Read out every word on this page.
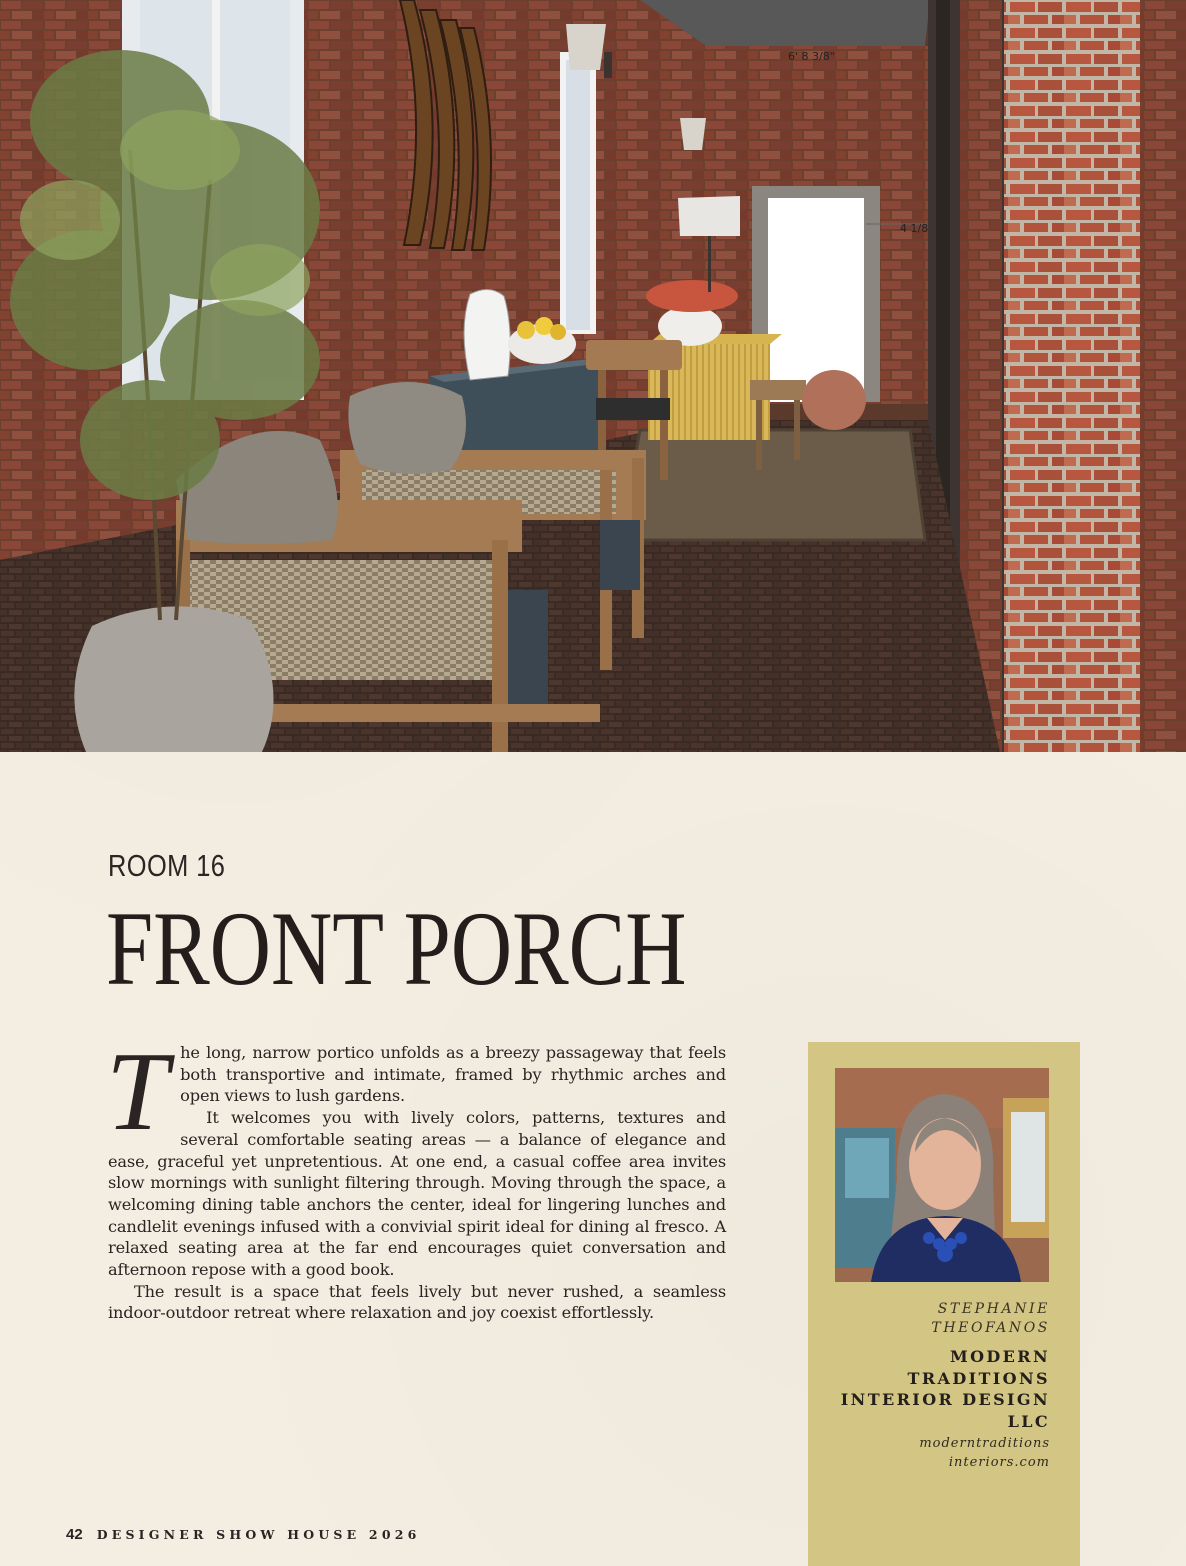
6' 8 3/8"
4 1/8
ROOM 16
FRONT PORCH

The long, narrow portico unfolds as a breezy passageway that feels both transportive and intimate, framed by rhythmic arches and open views to lush gardens.

It welcomes you with lively colors, patterns, textures and several comfortable seating areas — a balance of elegance and ease, graceful yet unpretentious. At one end, a casual coffee area invites slow mornings with sunlight filtering through. Moving through the space, a welcoming dining table anchors the center, ideal for lingering lunches and candlelit evenings infused with a convivial spirit ideal for dining al fresco. A relaxed seating area at the far end encourages quiet conversation and afternoon repose with a good book.

The result is a space that feels lively but never rushed, a seamless indoor-outdoor retreat where relaxation and joy coexist effortlessly.	STEPHANIE THEOFANOS
MODERN TRADITIONS INTERIOR DESIGN LLC
moderntraditions interiors.com
42 DESIGNER SHOW HOUSE 2026
